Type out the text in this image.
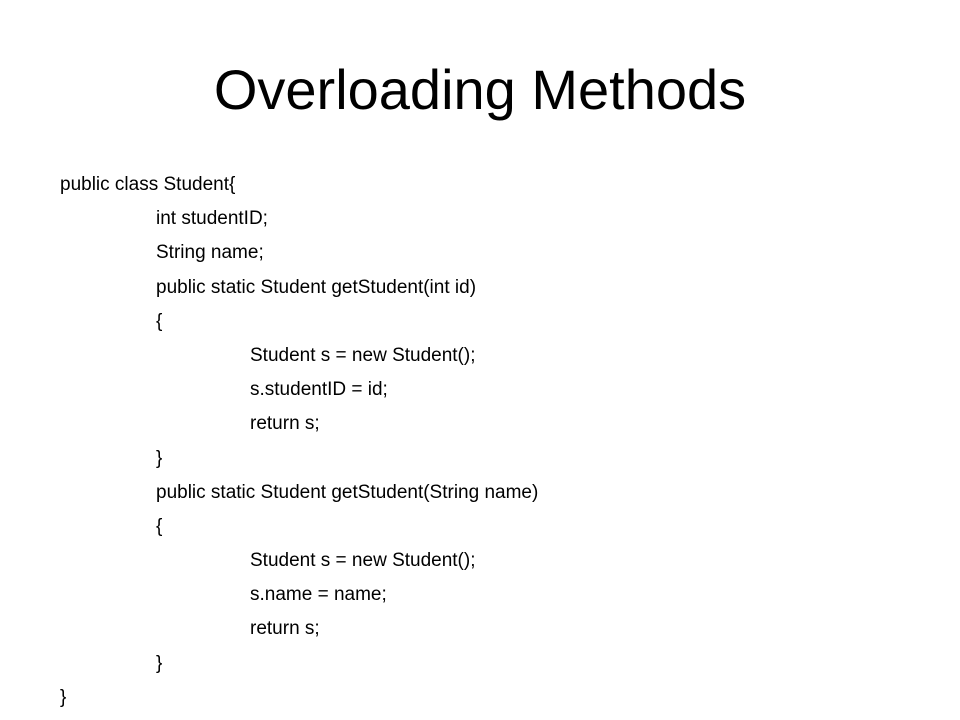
Overloading Methods
public class Student{
int studentID;
String name;
public static Student getStudent(int id)
{
Student s = new Student();
s.studentID = id;
return s;
}
public static Student getStudent(String name)
{
Student s = new Student();
s.name = name;
return s;
}
}
